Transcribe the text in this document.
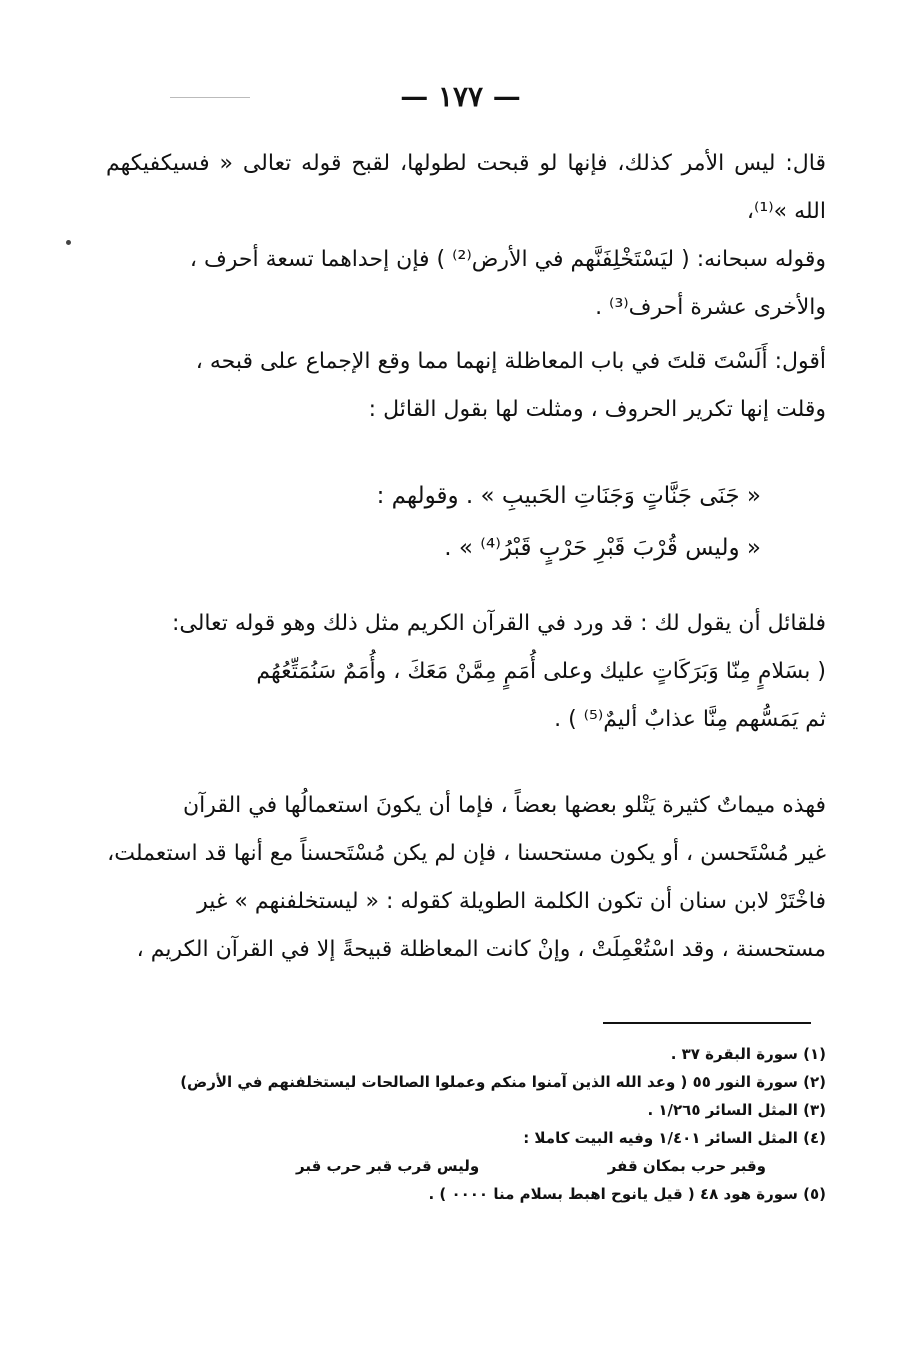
— ١٧٧ —
قال: ليس الأمر كذلك، فإنها لو قبحت لطولها، لقبح قوله تعالى « فسيكفيكهم الله »⁽¹⁾،
وقوله سبحانه: ( ليَسْتَخْلِفَنَّهم في الأرض⁽²⁾ ) فإن إحداهما تسعة أحرف ،
والأخرى عشرة أحرف⁽³⁾ .
أقول: أَلَسْتَ قلتَ في باب المعاظلة إنهما مما وقع الإجماع على قبحه ،
وقلت إنها تكرير الحروف ، ومثلت لها بقول القائل :
« جَنَى جَنَّاتٍ وَجَنَاتِ الحَبيبِ » . وقولهم :
« وليس قُرْبَ قَبْرِ حَرْبٍ قَبْرُ⁽⁴⁾ » .
فلقائل أن يقول لك : قد ورد في القرآن الكريم مثل ذلك وهو قوله تعالى:
( بسَلامٍ مِنّا وَبَرَكَاتٍ عليك وعلى أُمَمٍ مِمَّنْ مَعَكَ ، وأُمَمٌ سَنُمَتِّعُهُم
ثم يَمَسُّهم مِنَّا عذابٌ أليمٌ⁽⁵⁾ ) .
فهذه ميماتٌ كثيرة يَتْلو بعضها بعضاً ، فإما أن يكونَ استعمالُها في القرآن
غير مُسْتَحسن ، أو يكون مستحسنا ، فإن لم يكن مُسْتَحسناً مع أنها قد استعملت،
فاخْتَرْ لابن سنان أن تكون الكلمة الطويلة كقوله : « ليستخلفنهم » غير
مستحسنة ، وقد اسْتُعْمِلَتْ ، وإنْ كانت المعاظلة قبيحةً إلا في القرآن الكريم ،
(١) سورة البقرة ٣٧ .
(٢) سورة النور ٥٥ ( وعد الله الذين آمنوا منكم وعملوا الصالحات ليستخلفنهم في الأرض)
(٣) المثل السائر ١/٢٦٥ .
(٤) المثل السائر ١/٤٠١ وفيه البيت كاملا :
وقبر حرب بمكان قفر
وليس قرب قبر حرب قبر
(٥) سورة هود ٤٨ ( قيل يانوح اهبط بسلام منا ٠٠٠٠ ) .
